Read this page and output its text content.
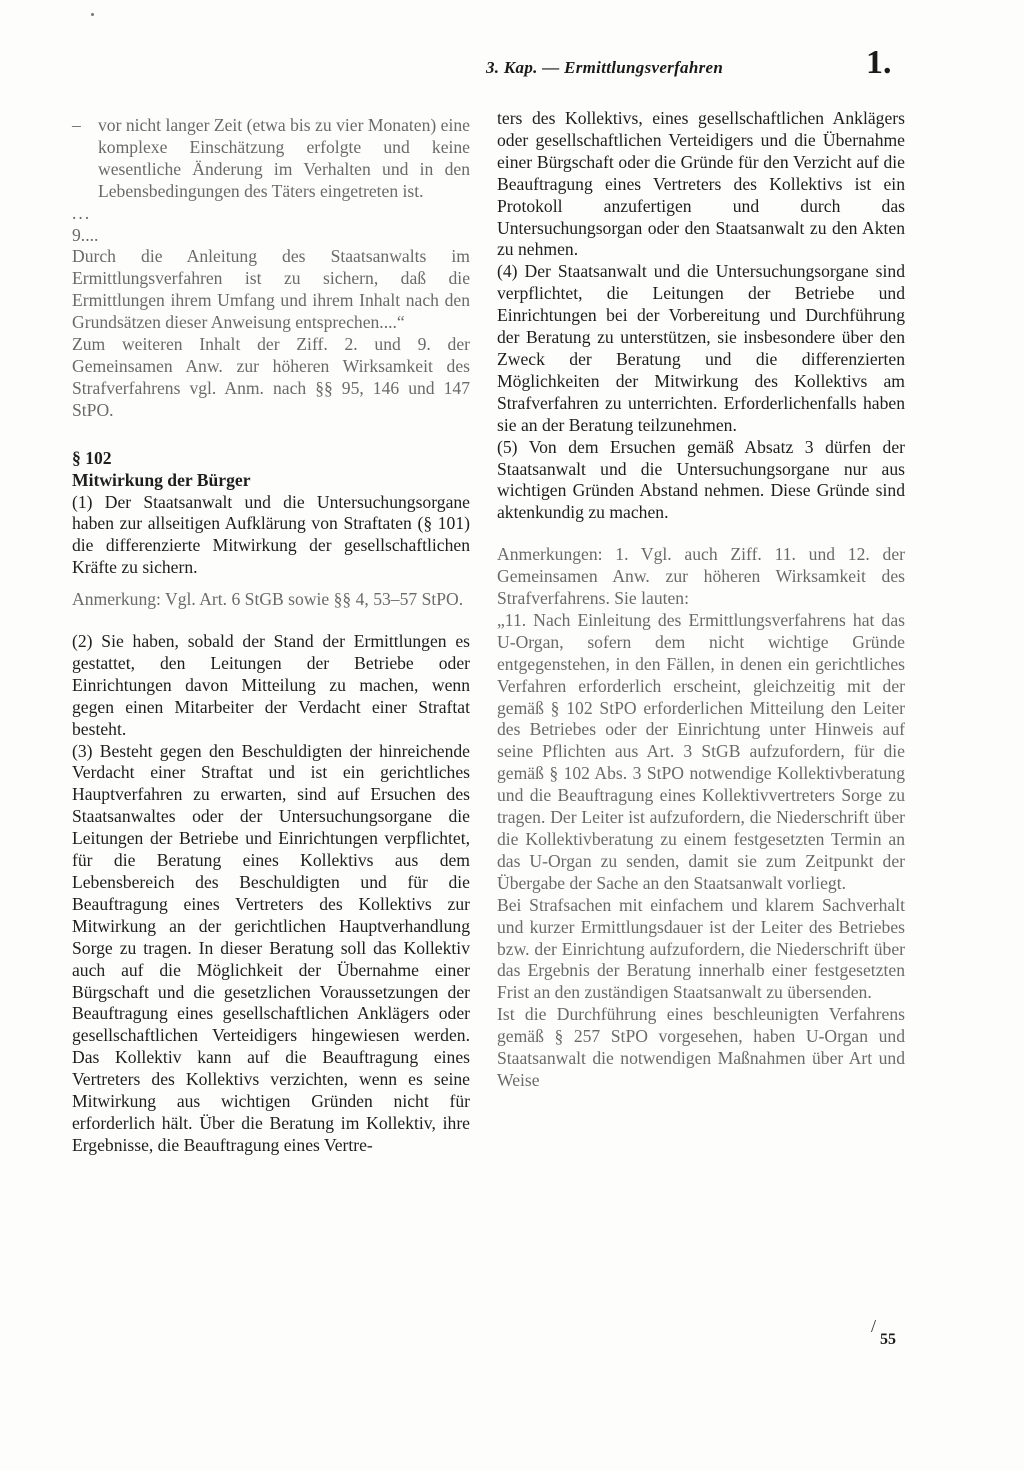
3. Kap. — Ermittlungsverfahren	1.
– vor nicht langer Zeit (etwa bis zu vier Monaten) eine komplexe Einschätzung erfolgte und keine wesentliche Änderung im Verhalten und in den Lebensbedingungen des Täters eingetreten ist.

...

9....

Durch die Anleitung des Staatsanwalts im Ermittlungsverfahren ist zu sichern, daß die Ermittlungen ihrem Umfang und ihrem Inhalt nach den Grundsätzen dieser Anweisung entsprechen....“

Zum weiteren Inhalt der Ziff. 2. und 9. der Gemeinsamen Anw. zur höheren Wirksamkeit des Strafverfahrens vgl. Anm. nach §§ 95, 146 und 147 StPO.

§ 102

Mitwirkung der Bürger

(1) Der Staatsanwalt und die Untersuchungsorgane haben zur allseitigen Aufklärung von Straftaten (§ 101) die differenzierte Mitwirkung der gesellschaftlichen Kräfte zu sichern.

Anmerkung: Vgl. Art. 6 StGB sowie §§ 4, 53–57 StPO.

(2) Sie haben, sobald der Stand der Ermittlungen es gestattet, den Leitungen der Betriebe oder Einrichtungen davon Mitteilung zu machen, wenn gegen einen Mitarbeiter der Verdacht einer Straftat besteht.

(3) Besteht gegen den Beschuldigten der hinreichende Verdacht einer Straftat und ist ein gerichtliches Hauptverfahren zu erwarten, sind auf Ersuchen des Staatsanwaltes oder der Untersuchungsorgane die Leitungen der Betriebe und Einrichtungen verpflichtet, für die Beratung eines Kollektivs aus dem Lebensbereich des Beschuldigten und für die Beauftragung eines Vertreters des Kollektivs zur Mitwirkung an der gerichtlichen Hauptverhandlung Sorge zu tragen. In dieser Beratung soll das Kollektiv auch auf die Möglichkeit der Übernahme einer Bürgschaft und die gesetzlichen Voraussetzungen der Beauftragung eines gesellschaftlichen Anklägers oder gesellschaftlichen Verteidigers hingewiesen werden. Das Kollektiv kann auf die Beauftragung eines Vertreters des Kollektivs verzichten, wenn es seine Mitwirkung aus wichtigen Gründen nicht für erforderlich hält. Über die Beratung im Kollektiv, ihre Ergebnisse, die Beauftragung eines Vertre-

ters des Kollektivs, eines gesellschaftlichen Anklägers oder gesellschaftlichen Verteidigers und die Übernahme einer Bürgschaft oder die Gründe für den Verzicht auf die Beauftragung eines Vertreters des Kollektivs ist ein Protokoll anzufertigen und durch das Untersuchungsorgan oder den Staatsanwalt zu den Akten zu nehmen.

(4) Der Staatsanwalt und die Untersuchungsorgane sind verpflichtet, die Leitungen der Betriebe und Einrichtungen bei der Vorbereitung und Durchführung der Beratung zu unterstützen, sie insbesondere über den Zweck der Beratung und die differenzierten Möglichkeiten der Mitwirkung des Kollektivs am Strafverfahren zu unterrichten. Erforderlichenfalls haben sie an der Beratung teilzunehmen.

(5) Von dem Ersuchen gemäß Absatz 3 dürfen der Staatsanwalt und die Untersuchungsorgane nur aus wichtigen Gründen Abstand nehmen. Diese Gründe sind aktenkundig zu machen.

Anmerkungen: 1. Vgl. auch Ziff. 11. und 12. der Gemeinsamen Anw. zur höheren Wirksamkeit des Strafverfahrens. Sie lauten:

„11. Nach Einleitung des Ermittlungsverfahrens hat das U-Organ, sofern dem nicht wichtige Gründe entgegenstehen, in den Fällen, in denen ein gerichtliches Verfahren erforderlich erscheint, gleichzeitig mit der gemäß § 102 StPO erforderlichen Mitteilung den Leiter des Betriebes oder der Einrichtung unter Hinweis auf seine Pflichten aus Art. 3 StGB aufzufordern, für die gemäß § 102 Abs. 3 StPO notwendige Kollektivberatung und die Beauftragung eines Kollektivvertreters Sorge zu tragen. Der Leiter ist aufzufordern, die Niederschrift über die Kollektivberatung zu einem festgesetzten Termin an das U-Organ zu senden, damit sie zum Zeitpunkt der Übergabe der Sache an den Staatsanwalt vorliegt.

Bei Strafsachen mit einfachem und klarem Sachverhalt und kurzer Ermittlungsdauer ist der Leiter des Betriebes bzw. der Einrichtung aufzufordern, die Niederschrift über das Ergebnis der Beratung innerhalb einer festgesetzten Frist an den zuständigen Staatsanwalt zu übersenden.

Ist die Durchführung eines beschleunigten Verfahrens gemäß § 257 StPO vorgesehen, haben U-Organ und Staatsanwalt die notwendigen Maßnahmen über Art und Weise

/
55
